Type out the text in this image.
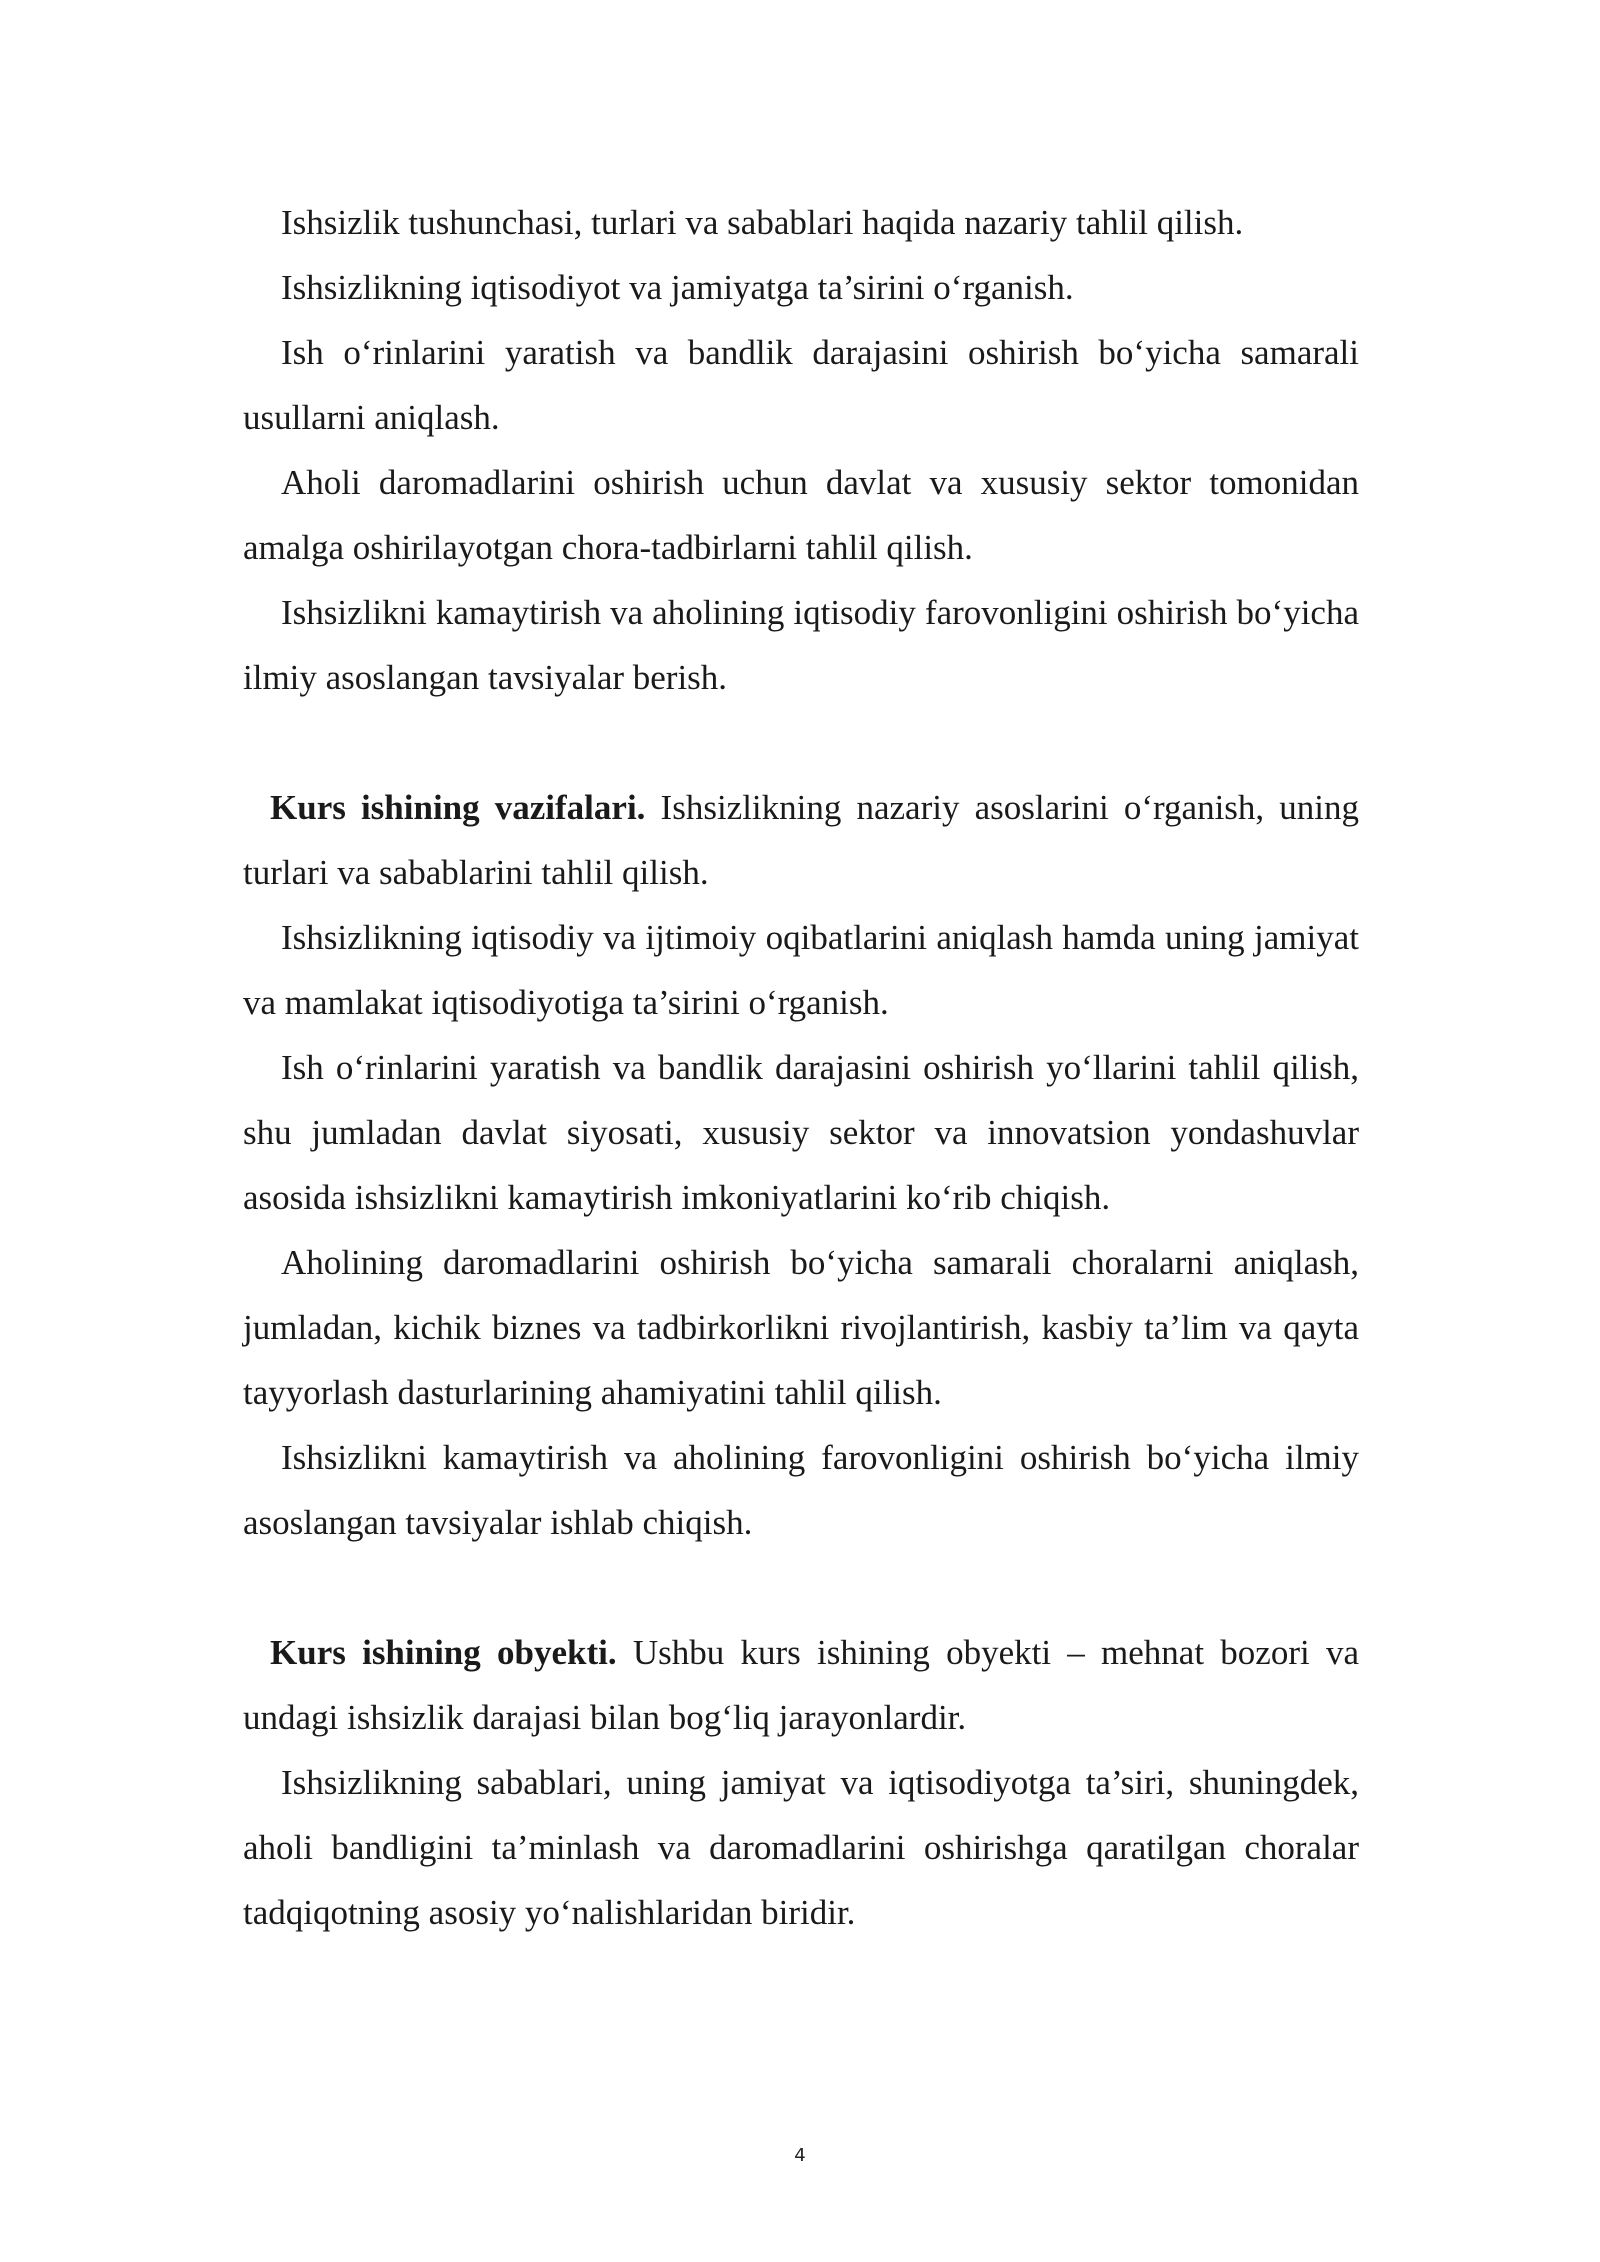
Ishsizlik tushunchasi, turlari va sabablari haqida nazariy tahlil qilish.

Ishsizlikning iqtisodiyot va jamiyatga ta’sirini o‘rganish.

Ish o‘rinlarini yaratish va bandlik darajasini oshirish bo‘yicha samarali usullarni aniqlash.

Aholi daromadlarini oshirish uchun davlat va xususiy sektor tomonidan amalga oshirilayotgan chora-tadbirlarni tahlil qilish.

Ishsizlikni kamaytirish va aholining iqtisodiy farovonligini oshirish bo‘yicha ilmiy asoslangan tavsiyalar berish.

Kurs ishining vazifalari. Ishsizlikning nazariy asoslarini o‘rganish, uning turlari va sabablarini tahlil qilish.

Ishsizlikning iqtisodiy va ijtimoiy oqibatlarini aniqlash hamda uning jamiyat va mamlakat iqtisodiyotiga ta’sirini o‘rganish.

Ish o‘rinlarini yaratish va bandlik darajasini oshirish yo‘llarini tahlil qilish, shu jumladan davlat siyosati, xususiy sektor va innovatsion yondashuvlar asosida ishsizlikni kamaytirish imkoniyatlarini ko‘rib chiqish.

Aholining daromadlarini oshirish bo‘yicha samarali choralarni aniqlash, jumladan, kichik biznes va tadbirkorlikni rivojlantirish, kasbiy ta’lim va qayta tayyorlash dasturlarining ahamiyatini tahlil qilish.

Ishsizlikni kamaytirish va aholining farovonligini oshirish bo‘yicha ilmiy asoslangan tavsiyalar ishlab chiqish.

Kurs ishining obyekti. Ushbu kurs ishining obyekti – mehnat bozori va undagi ishsizlik darajasi bilan bog‘liq jarayonlardir.

Ishsizlikning sabablari, uning jamiyat va iqtisodiyotga ta’siri, shuningdek, aholi bandligini ta’minlash va daromadlarini oshirishga qaratilgan choralar tadqiqotning asosiy yo‘nalishlaridan biridir.

4
